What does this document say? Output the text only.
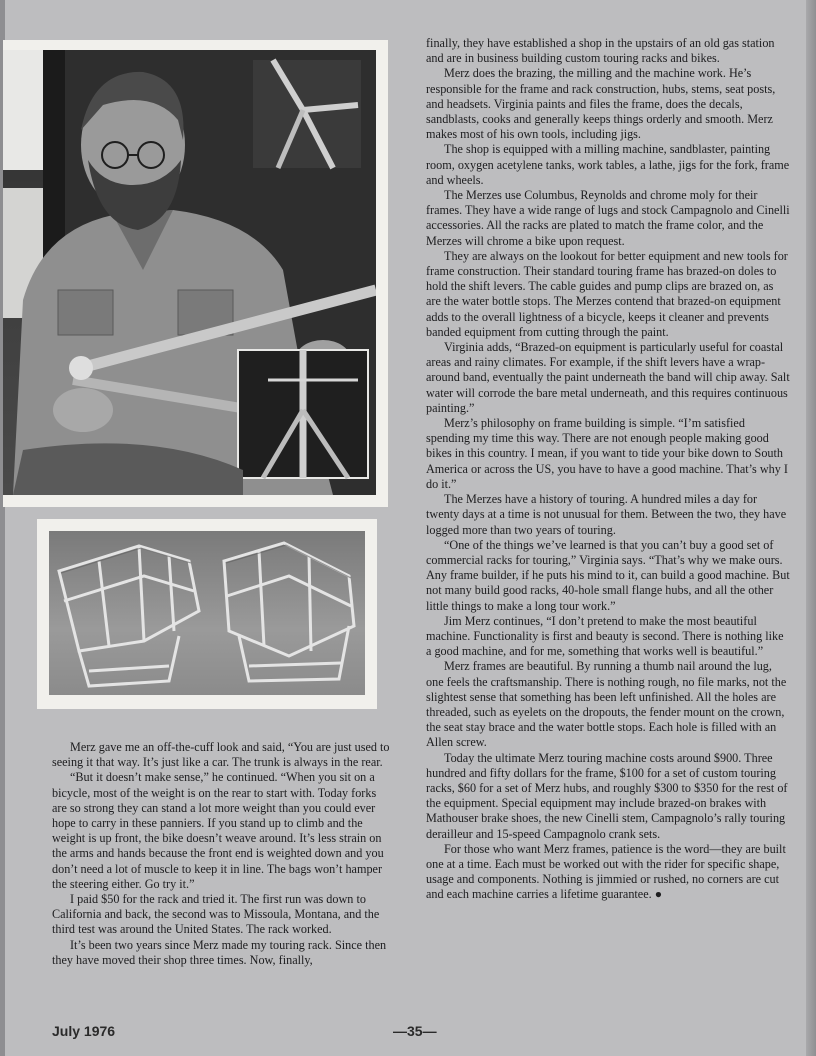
finally, they have established a shop in the upstairs of an old gas station and are in business building custom touring racks and bikes.

Merz does the brazing, the milling and the machine work. He’s responsible for the frame and rack construction, hubs, stems, seat posts, and headsets. Virginia paints and files the frame, does the decals, sandblasts, cooks and generally keeps things orderly and smooth. Merz makes most of his own tools, including jigs.

The shop is equipped with a milling machine, sandblaster, painting room, oxygen acetylene tanks, work tables, a lathe, jigs for the fork, frame and wheels.

The Merzes use Columbus, Reynolds and chrome moly for their frames. They have a wide range of lugs and stock Campagnolo and Cinelli accessories. All the racks are plated to match the frame color, and the Merzes will chrome a bike upon request.

They are always on the lookout for better equipment and new tools for frame construction. Their standard touring frame has brazed-on doles to hold the shift levers. The cable guides and pump clips are brazed on, as are the water bottle stops. The Merzes contend that brazed-on equipment adds to the overall lightness of a bicycle, keeps it cleaner and prevents banded equipment from cutting through the paint.

Virginia adds, “Brazed-on equipment is particularly useful for coastal areas and rainy climates. For example, if the shift levers have a wrap-around band, eventually the paint underneath the band will chip away. Salt water will corrode the bare metal underneath, and this requires continuous painting.”

Merz’s philosophy on frame building is simple. “I’m satisfied spending my time this way. There are not enough people making good bikes in this country. I mean, if you want to tide your bike down to South America or across the US, you have to have a good machine. That’s why I do it.”

The Merzes have a history of touring. A hundred miles a day for twenty days at a time is not unusual for them. Between the two, they have logged more than two years of touring.

“One of the things we’ve learned is that you can’t buy a good set of commercial racks for touring,” Virginia says. “That’s why we make ours. Any frame builder, if he puts his mind to it, can build a good machine. But not many build good racks, 40-hole small flange hubs, and all the other little things to make a long tour work.”

Jim Merz continues, “I don’t pretend to make the most beautiful machine. Functionality is first and beauty is second. There is nothing like a good machine, and for me, something that works well is beautiful.”

Merz frames are beautiful. By running a thumb nail around the lug, one feels the craftsmanship. There is nothing rough, no file marks, not the slightest sense that something has been left unfinished. All the holes are threaded, such as eyelets on the dropouts, the fender mount on the crown, the seat stay brace and the water bottle stops. Each hole is filled with an Allen screw.

Today the ultimate Merz touring machine costs around $900. Three hundred and fifty dollars for the frame, $100 for a set of custom touring racks, $60 for a set of Merz hubs, and roughly $300 to $350 for the rest of the equipment. Special equipment may include brazed-on brakes with Mathouser brake shoes, the new Cinelli stem, Campagnolo’s rally touring derailleur and 15-speed Campagnolo crank sets.

For those who want Merz frames, patience is the word—they are built one at a time. Each must be worked out with the rider for specific shape, usage and components. Nothing is jimmied or rushed, no corners are cut and each machine carries a lifetime guarantee. ●

Merz gave me an off-the-cuff look and said, “You are just used to seeing it that way. It’s just like a car. The trunk is always in the rear.

“But it doesn’t make sense,” he continued. “When you sit on a bicycle, most of the weight is on the rear to start with. Today forks are so strong they can stand a lot more weight than you could ever hope to carry in these panniers. If you stand up to climb and the weight is up front, the bike doesn’t weave around. It’s less strain on the arms and hands because the front end is weighted down and you don’t need a lot of muscle to keep it in line. The bags won’t hamper the steering either. Go try it.”

I paid $50 for the rack and tried it. The first run was down to California and back, the second was to Missoula, Montana, and the third test was around the United States. The rack worked.

It’s been two years since Merz made my touring rack. Since then they have moved their shop three times. Now, finally,

July 1976	—35—
